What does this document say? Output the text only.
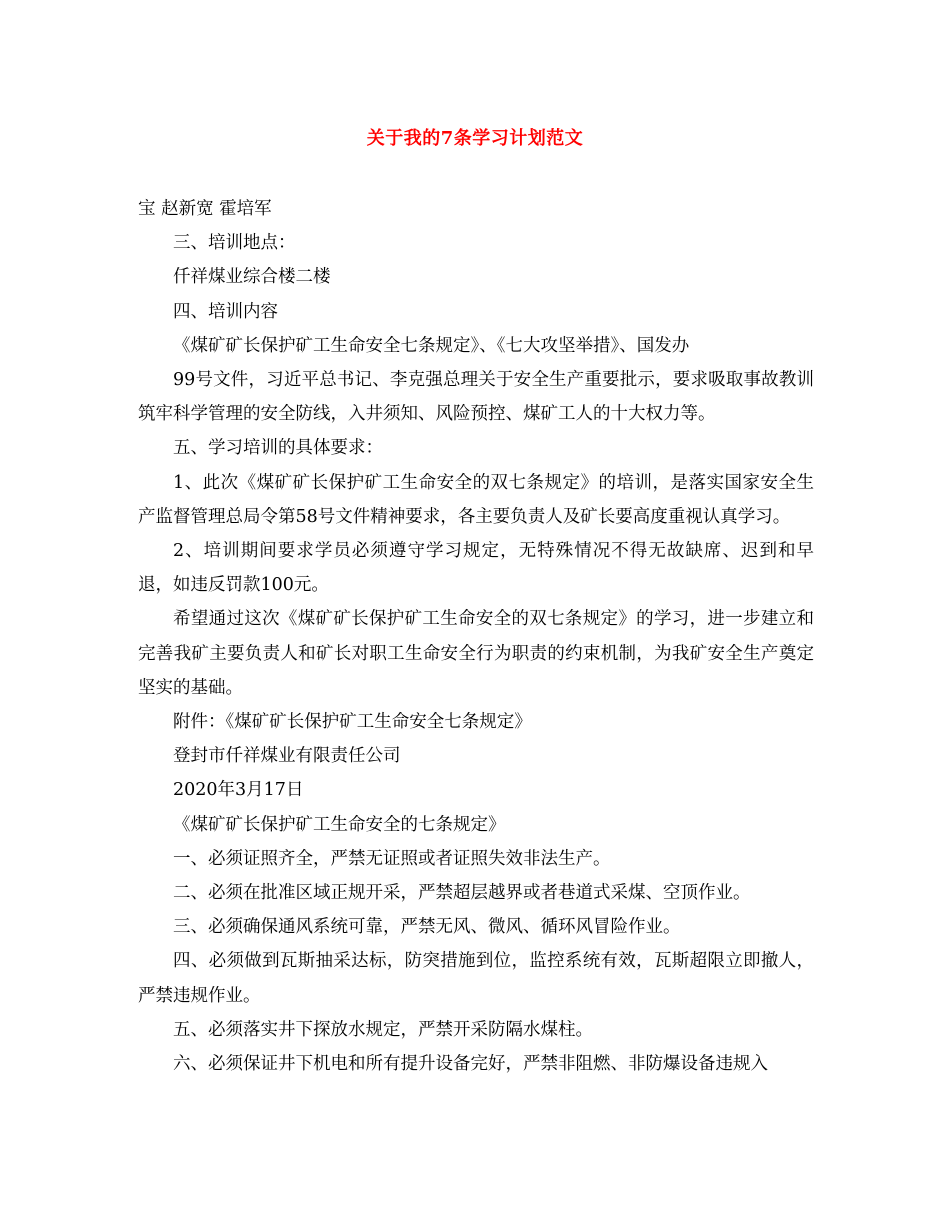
关于我的7条学习计划范文

宝 赵新宽 霍培军

三、培训地点：

仟祥煤业综合楼二楼

四、培训内容

《煤矿矿长保护矿工生命安全七条规定》、《七大攻坚举措》、国发办

99号文件，习近平总书记、李克强总理关于安全生产重要批示，要求吸取事故教训筑牢科学管理的安全防线，入井须知、风险预控、煤矿工人的十大权力等。

五、学习培训的具体要求：

1、此次《煤矿矿长保护矿工生命安全的双七条规定》的培训，是落实国家安全生产监督管理总局令第58号文件精神要求，各主要负责人及矿长要高度重视认真学习。

2、培训期间要求学员必须遵守学习规定，无特殊情况不得无故缺席、迟到和早退，如违反罚款100元。

希望通过这次《煤矿矿长保护矿工生命安全的双七条规定》的学习，进一步建立和完善我矿主要负责人和矿长对职工生命安全行为职责的约束机制，为我矿安全生产奠定坚实的基础。

附件：《煤矿矿长保护矿工生命安全七条规定》

登封市仟祥煤业有限责任公司

2020年3月17日

《煤矿矿长保护矿工生命安全的七条规定》

一、必须证照齐全，严禁无证照或者证照失效非法生产。

二、必须在批准区域正规开采，严禁超层越界或者巷道式采煤、空顶作业。

三、必须确保通风系统可靠，严禁无风、微风、循环风冒险作业。

四、必须做到瓦斯抽采达标，防突措施到位，监控系统有效，瓦斯超限立即撤人，严禁违规作业。

五、必须落实井下探放水规定，严禁开采防隔水煤柱。

六、必须保证井下机电和所有提升设备完好，严禁非阻燃、非防爆设备违规入
